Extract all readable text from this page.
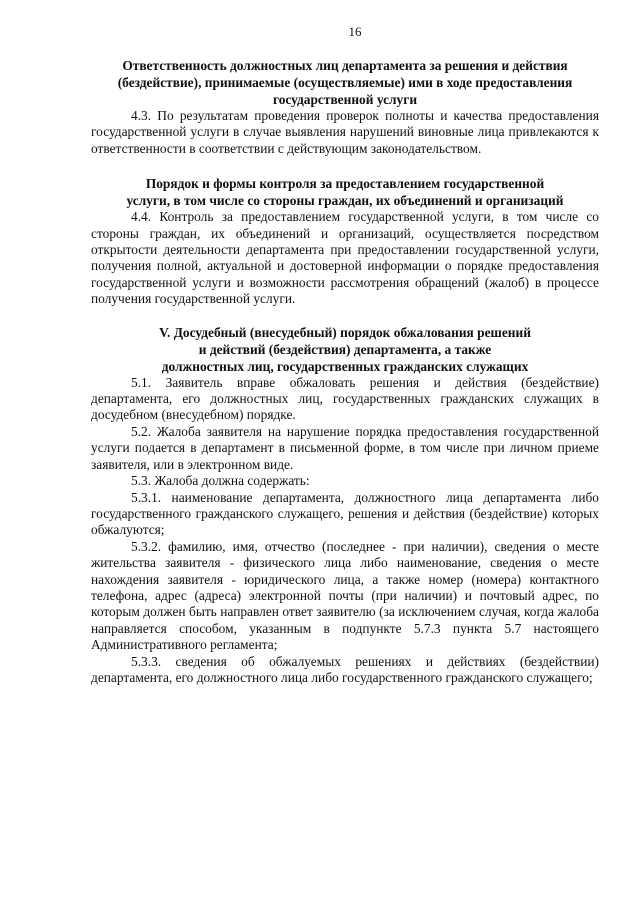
16
Ответственность должностных лиц департамента за решения и действия
(бездействие), принимаемые (осуществляемые) ими в ходе предоставления
государственной услуги

4.3. По результатам проведения проверок полноты и качества предоставления государственной услуги в случае выявления нарушений виновные лица привлекаются к ответственности в соответствии с действующим законодательством.

Порядок и формы контроля за предоставлением государственной
услуги, в том числе со стороны граждан, их объединений и организаций

4.4. Контроль за предоставлением государственной услуги, в том числе со стороны граждан, их объединений и организаций, осуществляется посредством открытости деятельности департамента при предоставлении государственной услуги, получения полной, актуальной и достоверной информации о порядке предоставления государственной услуги и возможности рассмотрения обращений (жалоб) в процессе получения государственной услуги.

V. Досудебный (внесудебный) порядок обжалования решений
и действий (бездействия) департамента, а также
должностных лиц, государственных гражданских служащих

5.1. Заявитель вправе обжаловать решения и действия (бездействие) департамента, его должностных лиц, государственных гражданских служащих в досудебном (внесудебном) порядке.

5.2. Жалоба заявителя на нарушение порядка предоставления государственной услуги подается в департамент в письменной форме, в том числе при личном приеме заявителя, или в электронном виде.

5.3. Жалоба должна содержать:

5.3.1. наименование департамента, должностного лица департамента либо государственного гражданского служащего, решения и действия (бездействие) которых обжалуются;

5.3.2. фамилию, имя, отчество (последнее - при наличии), сведения о месте жительства заявителя - физического лица либо наименование, сведения о месте нахождения заявителя - юридического лица, а также номер (номера) контактного телефона, адрес (адреса) электронной почты (при наличии) и почтовый адрес, по которым должен быть направлен ответ заявителю (за исключением случая, когда жалоба направляется способом, указанным в подпункте 5.7.3 пункта 5.7 настоящего Административного регламента;

5.3.3. сведения об обжалуемых решениях и действиях (бездействии) департамента, его должностного лица либо государственного гражданского служащего;
